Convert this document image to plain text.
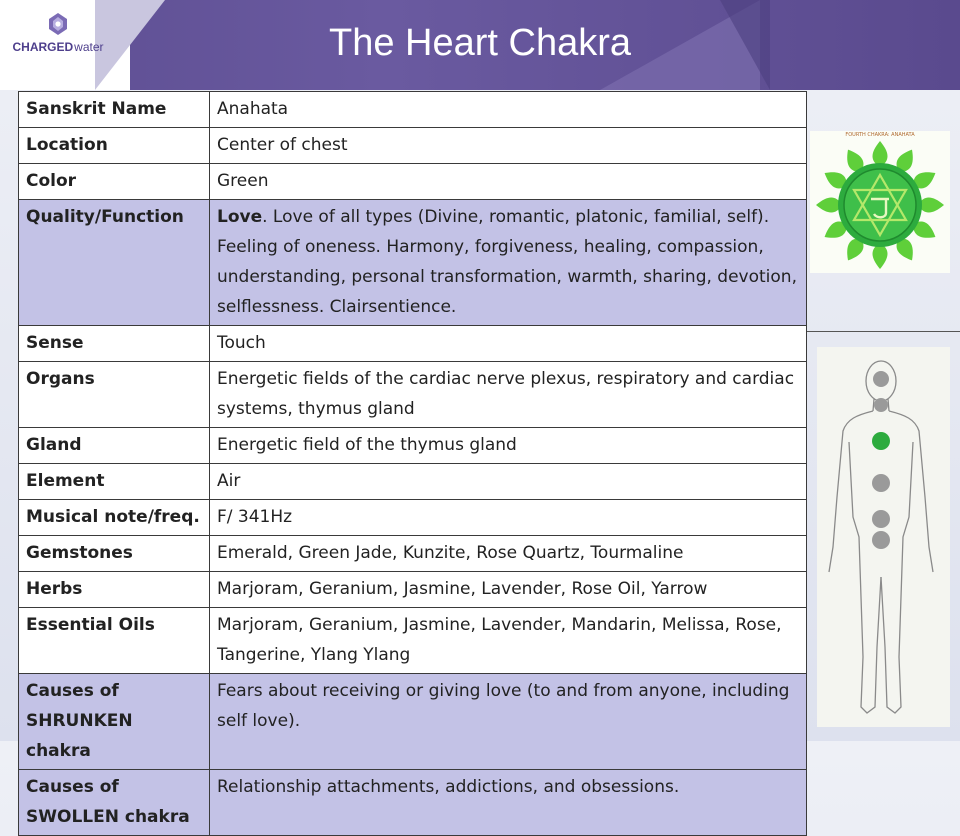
CHARGED water	The Heart Chakra
Sanskrit Name	Anahata
Location	Center of chest
Color	Green
Quality/Function	Love. Love of all types (Divine, romantic, platonic, familial, self). Feeling of oneness. Harmony, forgiveness, healing, compassion, understanding, personal transformation, warmth, sharing, devotion, selflessness. Clairsentience.
Sense	Touch
Organs	Energetic fields of the cardiac nerve plexus, respiratory and cardiac systems, thymus gland
Gland	Energetic field of the thymus gland
Element	Air
Musical note/freq.	F/ 341Hz
Gemstones	Emerald, Green Jade, Kunzite, Rose Quartz, Tourmaline
Herbs	Marjoram, Geranium, Jasmine, Lavender, Rose Oil, Yarrow
Essential Oils	Marjoram, Geranium, Jasmine, Lavender, Mandarin, Melissa, Rose, Tangerine, Ylang Ylang
Causes of SHRUNKEN chakra	Fears about receiving or giving love (to and from anyone, including self love).
Causes of SWOLLEN chakra	Relationship attachments, addictions, and obsessions.
FOURTH CHAKRA: ANAHATA
